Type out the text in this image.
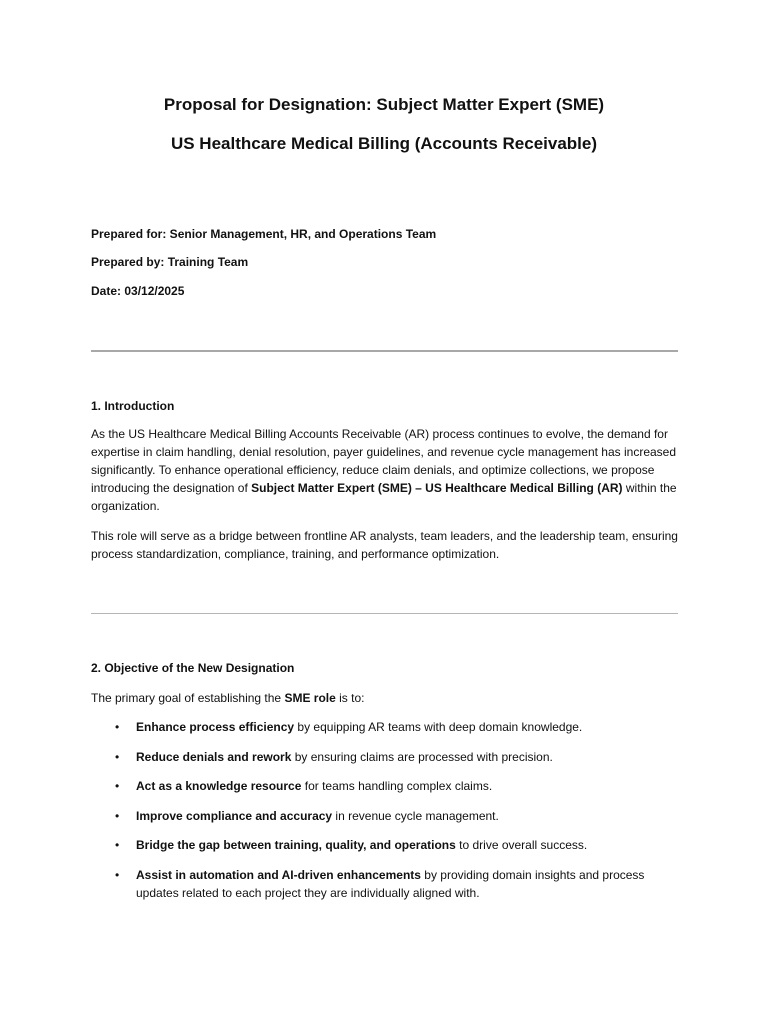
Proposal for Designation: Subject Matter Expert (SME)
US Healthcare Medical Billing (Accounts Receivable)

Prepared for: Senior Management, HR, and Operations Team

Prepared by: Training Team

Date: 03/12/2025

1. Introduction

As the US Healthcare Medical Billing Accounts Receivable (AR) process continues to evolve, the demand for expertise in claim handling, denial resolution, payer guidelines, and revenue cycle management has increased significantly. To enhance operational efficiency, reduce claim denials, and optimize collections, we propose introducing the designation of Subject Matter Expert (SME) – US Healthcare Medical Billing (AR) within the organization.

This role will serve as a bridge between frontline AR analysts, team leaders, and the leadership team, ensuring process standardization, compliance, training, and performance optimization.

2. Objective of the New Designation

The primary goal of establishing the SME role is to:

• Enhance process efficiency by equipping AR teams with deep domain knowledge.
• Reduce denials and rework by ensuring claims are processed with precision.
• Act as a knowledge resource for teams handling complex claims.
• Improve compliance and accuracy in revenue cycle management.
• Bridge the gap between training, quality, and operations to drive overall success.
• Assist in automation and AI-driven enhancements by providing domain insights and process updates related to each project they are individually aligned with.
